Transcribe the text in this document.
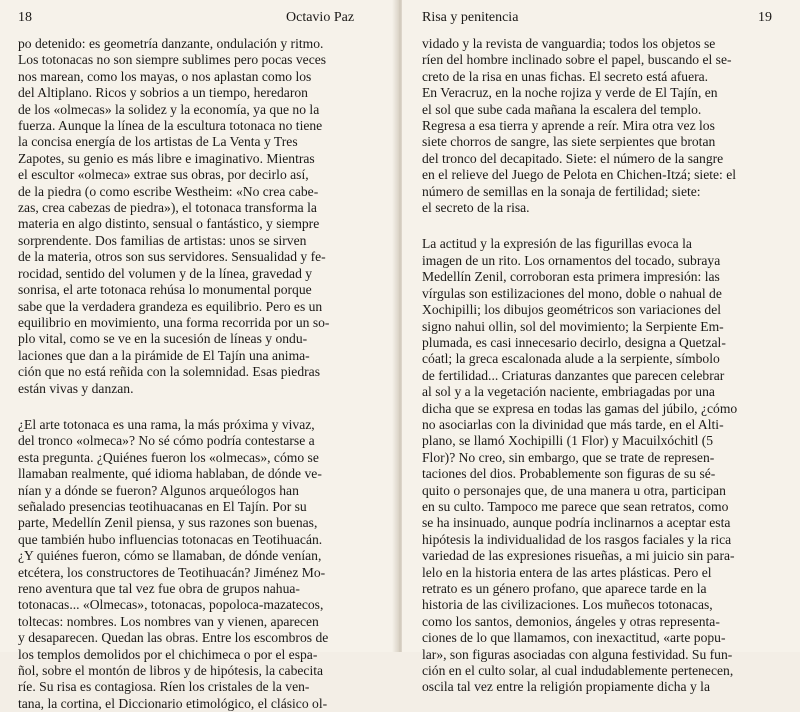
18	Octavio Paz
po detenido: es geometría danzante, ondulación y ritmo.
Los totonacas no son siempre sublimes pero pocas veces
nos marean, como los mayas, o nos aplastan como los
del Altiplano. Ricos y sobrios a un tiempo, heredaron
de los «olmecas» la solidez y la economía, ya que no la
fuerza. Aunque la línea de la escultura totonaca no tiene
la concisa energía de los artistas de La Venta y Tres
Zapotes, su genio es más libre e imaginativo. Mientras
el escultor «olmeca» extrae sus obras, por decirlo así,
de la piedra (o como escribe Westheim: «No crea cabe-
zas, crea cabezas de piedra»), el totonaca transforma la
materia en algo distinto, sensual o fantástico, y siempre
sorprendente. Dos familias de artistas: unos se sirven
de la materia, otros son sus servidores. Sensualidad y fe-
rocidad, sentido del volumen y de la línea, gravedad y
sonrisa, el arte totonaca rehúsa lo monumental porque
sabe que la verdadera grandeza es equilibrio. Pero es un
equilibrio en movimiento, una forma recorrida por un so-
plo vital, como se ve en la sucesión de líneas y ondu-
laciones que dan a la pirámide de El Tajín una anima-
ción que no está reñida con la solemnidad. Esas piedras
están vivas y danzan.
¿El arte totonaca es una rama, la más próxima y vivaz,
del tronco «olmeca»? No sé cómo podría contestarse a
esta pregunta. ¿Quiénes fueron los «olmecas», cómo se
llamaban realmente, qué idioma hablaban, de dónde ve-
nían y a dónde se fueron? Algunos arqueólogos han
señalado presencias teotihuacanas en El Tajín. Por su
parte, Medellín Zenil piensa, y sus razones son buenas,
que también hubo influencias totonacas en Teotihuacán.
¿Y quiénes fueron, cómo se llamaban, de dónde venían,
etcétera, los constructores de Teotihuacán? Jiménez Mo-
reno aventura que tal vez fue obra de grupos nahua-
totonacas... «Olmecas», totonacas, popoloca-mazatecos,
toltecas: nombres. Los nombres van y vienen, aparecen
y desaparecen. Quedan las obras. Entre los escombros de
los templos demolidos por el chichimeca o por el espa-
ñol, sobre el montón de libros y de hipótesis, la cabecita
ríe. Su risa es contagiosa. Ríen los cristales de la ven-
tana, la cortina, el Diccionario etimológico, el clásico ol-
Risa y penitencia	19
vidado y la revista de vanguardia; todos los objetos se
ríen del hombre inclinado sobre el papel, buscando el se-
creto de la risa en unas fichas. El secreto está afuera.
En Veracruz, en la noche rojiza y verde de El Tajín, en
el sol que sube cada mañana la escalera del templo.
Regresa a esa tierra y aprende a reír. Mira otra vez los
siete chorros de sangre, las siete serpientes que brotan
del tronco del decapitado. Siete: el número de la sangre
en el relieve del Juego de Pelota en Chichen-Itzá; siete: el
número de semillas en la sonaja de fertilidad; siete:
el secreto de la risa.
La actitud y la expresión de las figurillas evoca la
imagen de un rito. Los ornamentos del tocado, subraya
Medellín Zenil, corroboran esta primera impresión: las
vírgulas son estilizaciones del mono, doble o nahual de
Xochipilli; los dibujos geométricos son variaciones del
signo nahui ollin, sol del movimiento; la Serpiente Em-
plumada, es casi innecesario decirlo, designa a Quetzal-
cóatl; la greca escalonada alude a la serpiente, símbolo
de fertilidad... Criaturas danzantes que parecen celebrar
al sol y a la vegetación naciente, embriagadas por una
dicha que se expresa en todas las gamas del júbilo, ¿cómo
no asociarlas con la divinidad que más tarde, en el Alti-
plano, se llamó Xochipilli (1 Flor) y Macuilxóchitl (5
Flor)? No creo, sin embargo, que se trate de represen-
taciones del dios. Probablemente son figuras de su sé-
quito o personajes que, de una manera u otra, participan
en su culto. Tampoco me parece que sean retratos, como
se ha insinuado, aunque podría inclinarnos a aceptar esta
hipótesis la individualidad de los rasgos faciales y la rica
variedad de las expresiones risueñas, a mi juicio sin para-
lelo en la historia entera de las artes plásticas. Pero el
retrato es un género profano, que aparece tarde en la
historia de las civilizaciones. Los muñecos totonacas,
como los santos, demonios, ángeles y otras representa-
ciones de lo que llamamos, con inexactitud, «arte popu-
lar», son figuras asociadas con alguna festividad. Su fun-
ción en el culto solar, al cual indudablemente pertenecen,
oscila tal vez entre la religión propiamente dicha y la
